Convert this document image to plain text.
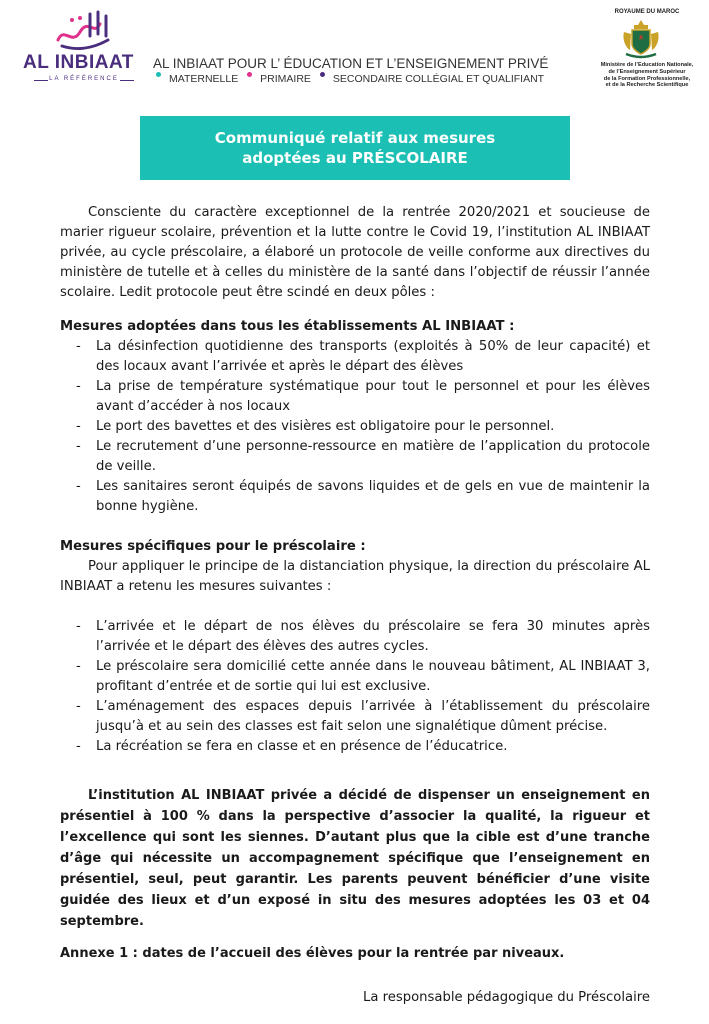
AL INBIAAT
LA RÉFÉRENCE
AL INBIAAT POUR L’ ÉDUCATION ET L’ENSEIGNEMENT PRIVÉ
MATERNELLE PRIMAIRE SECONDAIRE COLLÉGIAL ET QUALIFIANT
ROYAUME DU MAROC
Ministère de l’Education Nationale,
de l’Enseignement Supérieur
de la Formation Professionnelle,
et de la Recherche Scientifique
Communiqué relatif aux mesures adoptées au PRÉSCOLAIRE

Consciente du caractère exceptionnel de la rentrée 2020/2021 et soucieuse de marier rigueur scolaire, prévention et la lutte contre le Covid 19, l’institution AL INBIAAT privée, au cycle préscolaire, a élaboré un protocole de veille conforme aux directives du ministère de tutelle et à celles du ministère de la santé dans l’objectif de réussir l’année scolaire. Ledit protocole peut être scindé en deux pôles :

Mesures adoptées dans tous les établissements AL INBIAAT :
- La désinfection quotidienne des transports (exploités à 50% de leur capacité) et des locaux avant l’arrivée et après le départ des élèves
- La prise de température systématique pour tout le personnel et pour les élèves avant d’accéder à nos locaux
- Le port des bavettes et des visières est obligatoire pour le personnel.
- Le recrutement d’une personne-ressource en matière de l’application du protocole de veille.
- Les sanitaires seront équipés de savons liquides et de gels en vue de maintenir la bonne hygiène.
Mesures spécifiques pour le préscolaire :

Pour appliquer le principe de la distanciation physique, la direction du préscolaire AL INBIAAT a retenu les mesures suivantes :

- L’arrivée et le départ de nos élèves du préscolaire se fera 30 minutes après l’arrivée et le départ des élèves des autres cycles.
- Le préscolaire sera domicilié cette année dans le nouveau bâtiment, AL INBIAAT 3, profitant d’entrée et de sortie qui lui est exclusive.
- L’aménagement des espaces depuis l’arrivée à l’établissement du préscolaire jusqu’à et au sein des classes est fait selon une signalétique dûment précise.
- La récréation se fera en classe et en présence de l’éducatrice.

L’institution AL INBIAAT privée a décidé de dispenser un enseignement en présentiel à 100 % dans la perspective d’associer la qualité, la rigueur et l’excellence qui sont les siennes. D’autant plus que la cible est d’une tranche d’âge qui nécessite un accompagnement spécifique que l’enseignement en présentiel, seul, peut garantir. Les parents peuvent bénéficier d’une visite guidée des lieux et d’un exposé in situ des mesures adoptées les 03 et 04 septembre.

Annexe 1 : dates de l’accueil des élèves pour la rentrée par niveaux.

La responsable pédagogique du Préscolaire
